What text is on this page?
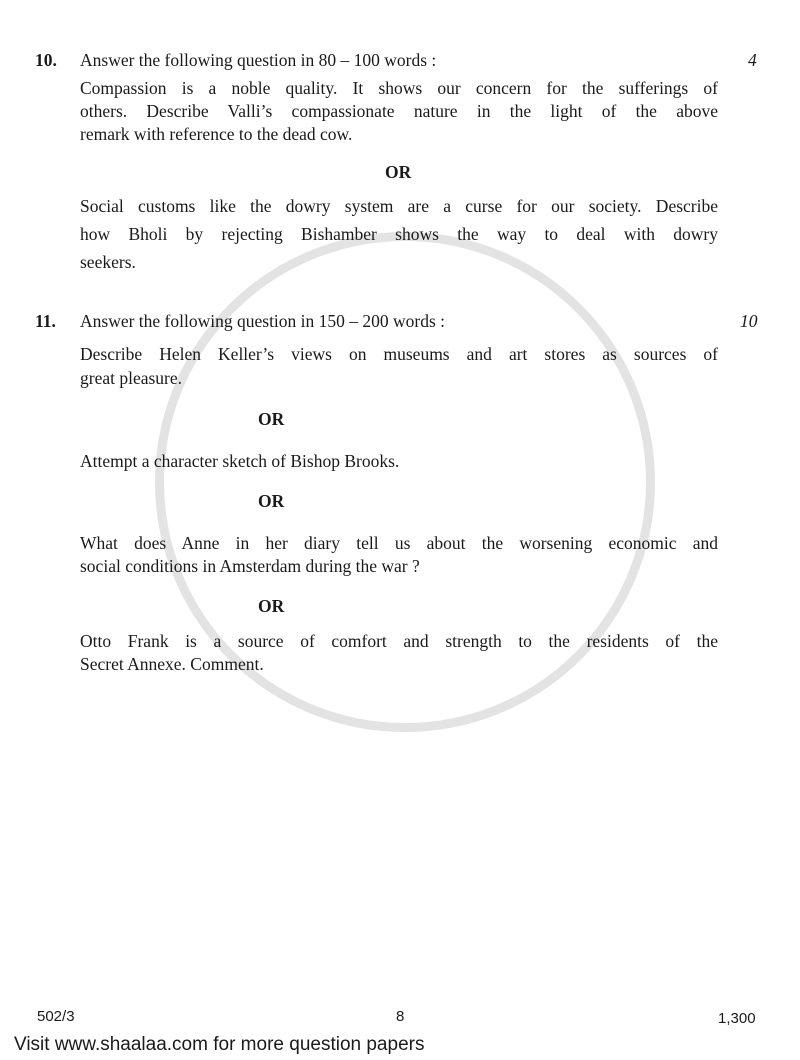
10. Answer the following question in 80 – 100 words :	4
Compassion is a noble quality. It shows our concern for the sufferings of
others. Describe Valli’s compassionate nature in the light of the above
remark with reference to the dead cow.
OR
Social customs like the dowry system are a curse for our society. Describe
how Bholi by rejecting Bishamber shows the way to deal with dowry
seekers.
11. Answer the following question in 150 – 200 words :	10
Describe Helen Keller’s views on museums and art stores as sources of
great pleasure.
OR
Attempt a character sketch of Bishop Brooks.
OR
What does Anne in her diary tell us about the worsening economic and
social conditions in Amsterdam during the war ?
OR
Otto Frank is a source of comfort and strength to the residents of the
Secret Annexe. Comment.
502/3	8	1,300
Visit www.shaalaa.com for more question papers
